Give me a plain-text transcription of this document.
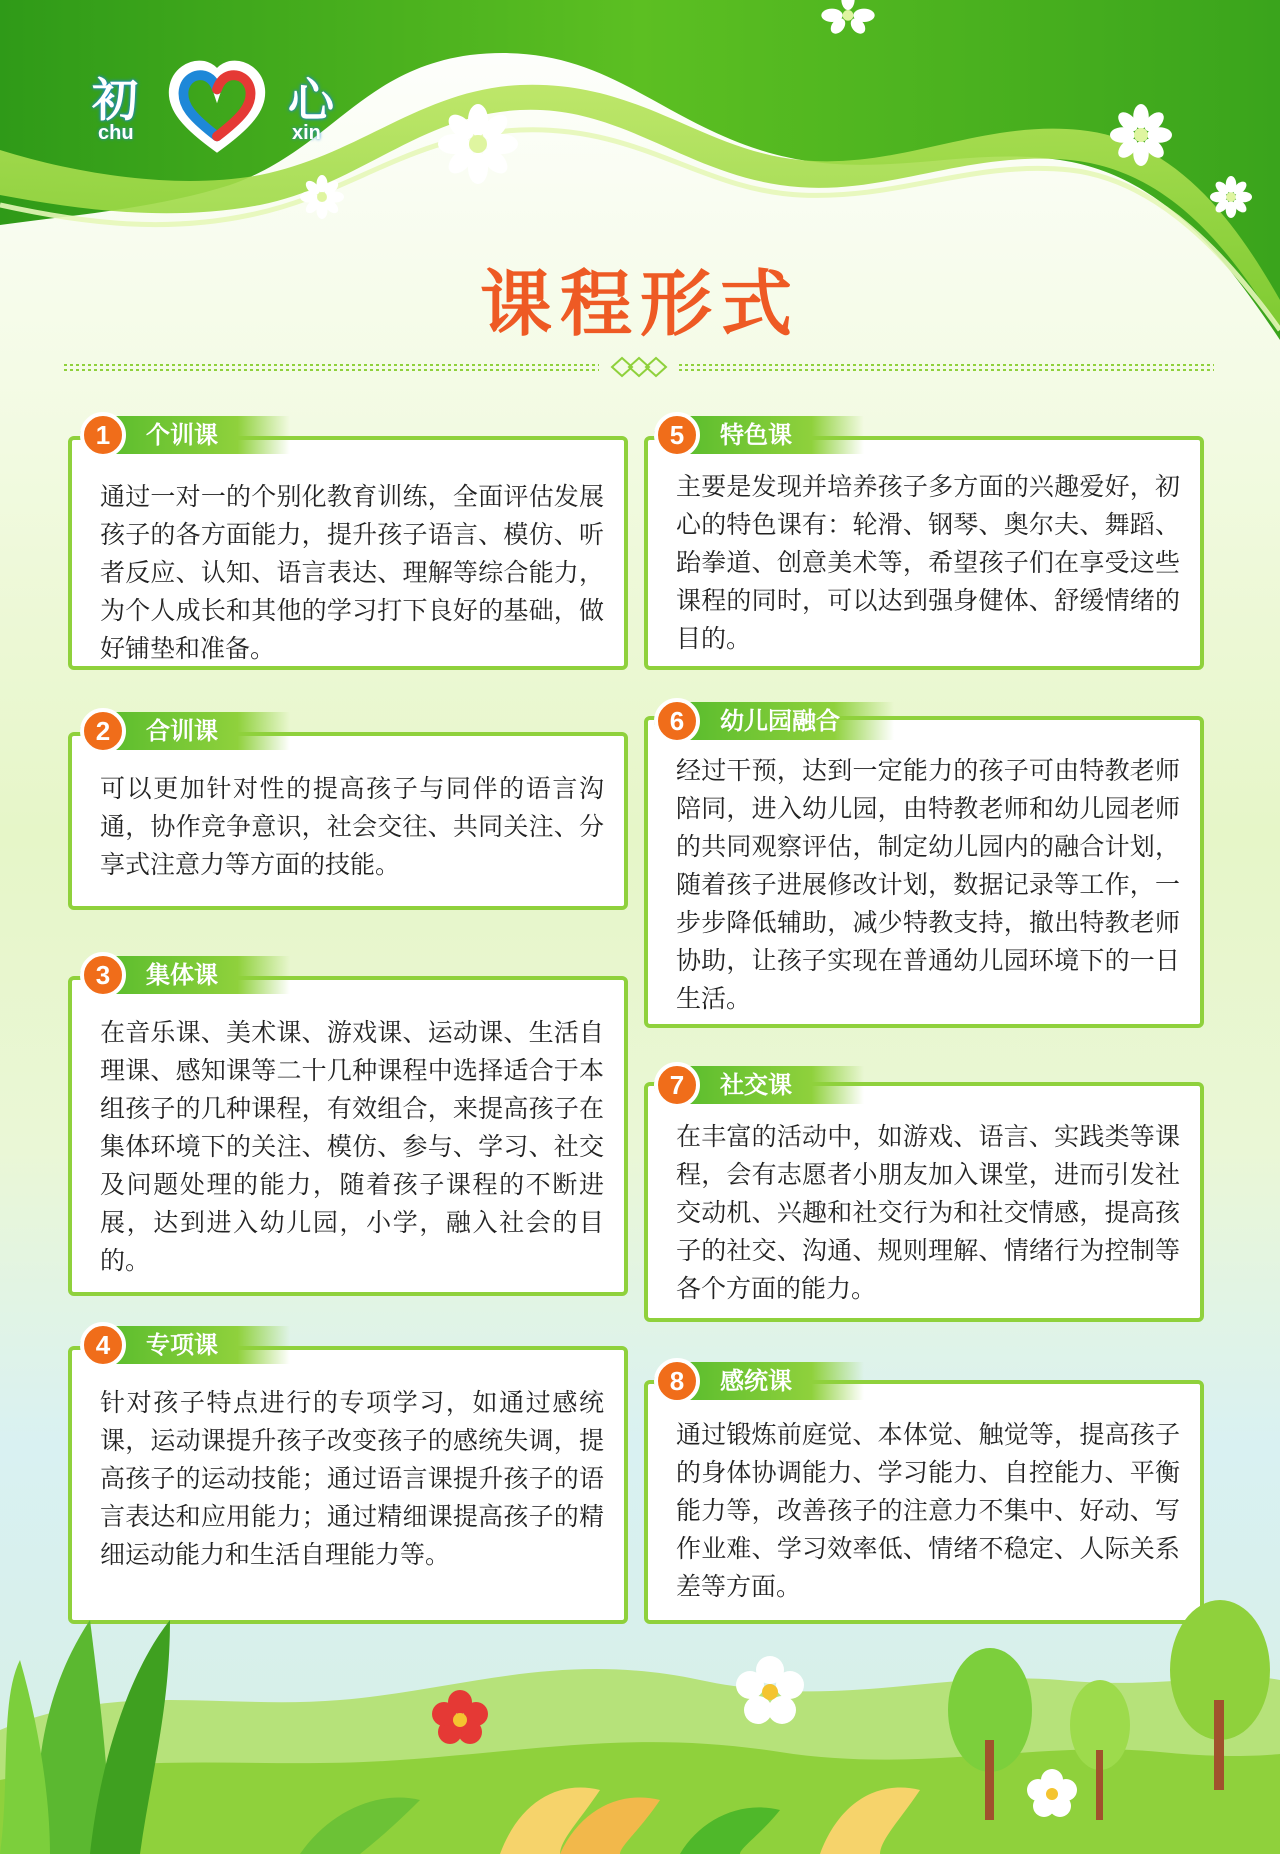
初
chu
心
xin
课程形式
通过一对一的个别化教育训练，全面评估发展孩子的各方面能力，提升孩子语言、模仿、听者反应、认知、语言表达、理解等综合能力，为个人成长和其他的学习打下良好的基础，做好铺垫和准备。
1	个训课
可以更加针对性的提高孩子与同伴的语言沟通，协作竞争意识，社会交往、共同关注、分享式注意力等方面的技能。
2	合训课
在音乐课、美术课、游戏课、运动课、生活自理课、感知课等二十几种课程中选择适合于本组孩子的几种课程，有效组合，来提高孩子在集体环境下的关注、模仿、参与、学习、社交及问题处理的能力，随着孩子课程的不断进展，达到进入幼儿园，小学，融入社会的目的。
3	集体课
针对孩子特点进行的专项学习，如通过感统课，运动课提升孩子改变孩子的感统失调，提高孩子的运动技能；通过语言课提升孩子的语言表达和应用能力；通过精细课提高孩子的精细运动能力和生活自理能力等。
4	专项课
主要是发现并培养孩子多方面的兴趣爱好，初心的特色课有：轮滑、钢琴、奥尔夫、舞蹈、跆拳道、创意美术等，希望孩子们在享受这些课程的同时，可以达到强身健体、舒缓情绪的目的。
5	特色课
经过干预，达到一定能力的孩子可由特教老师陪同，进入幼儿园，由特教老师和幼儿园老师的共同观察评估，制定幼儿园内的融合计划，随着孩子进展修改计划，数据记录等工作，一步步降低辅助，减少特教支持，撤出特教老师协助，让孩子实现在普通幼儿园环境下的一日生活。
6	幼儿园融合
在丰富的活动中，如游戏、语言、实践类等课程，会有志愿者小朋友加入课堂，进而引发社交动机、兴趣和社交行为和社交情感，提高孩子的社交、沟通、规则理解、情绪行为控制等各个方面的能力。
7	社交课
通过锻炼前庭觉、本体觉、触觉等，提高孩子的身体协调能力、学习能力、自控能力、平衡能力等，改善孩子的注意力不集中、好动、写作业难、学习效率低、情绪不稳定、人际关系差等方面。
8	感统课
